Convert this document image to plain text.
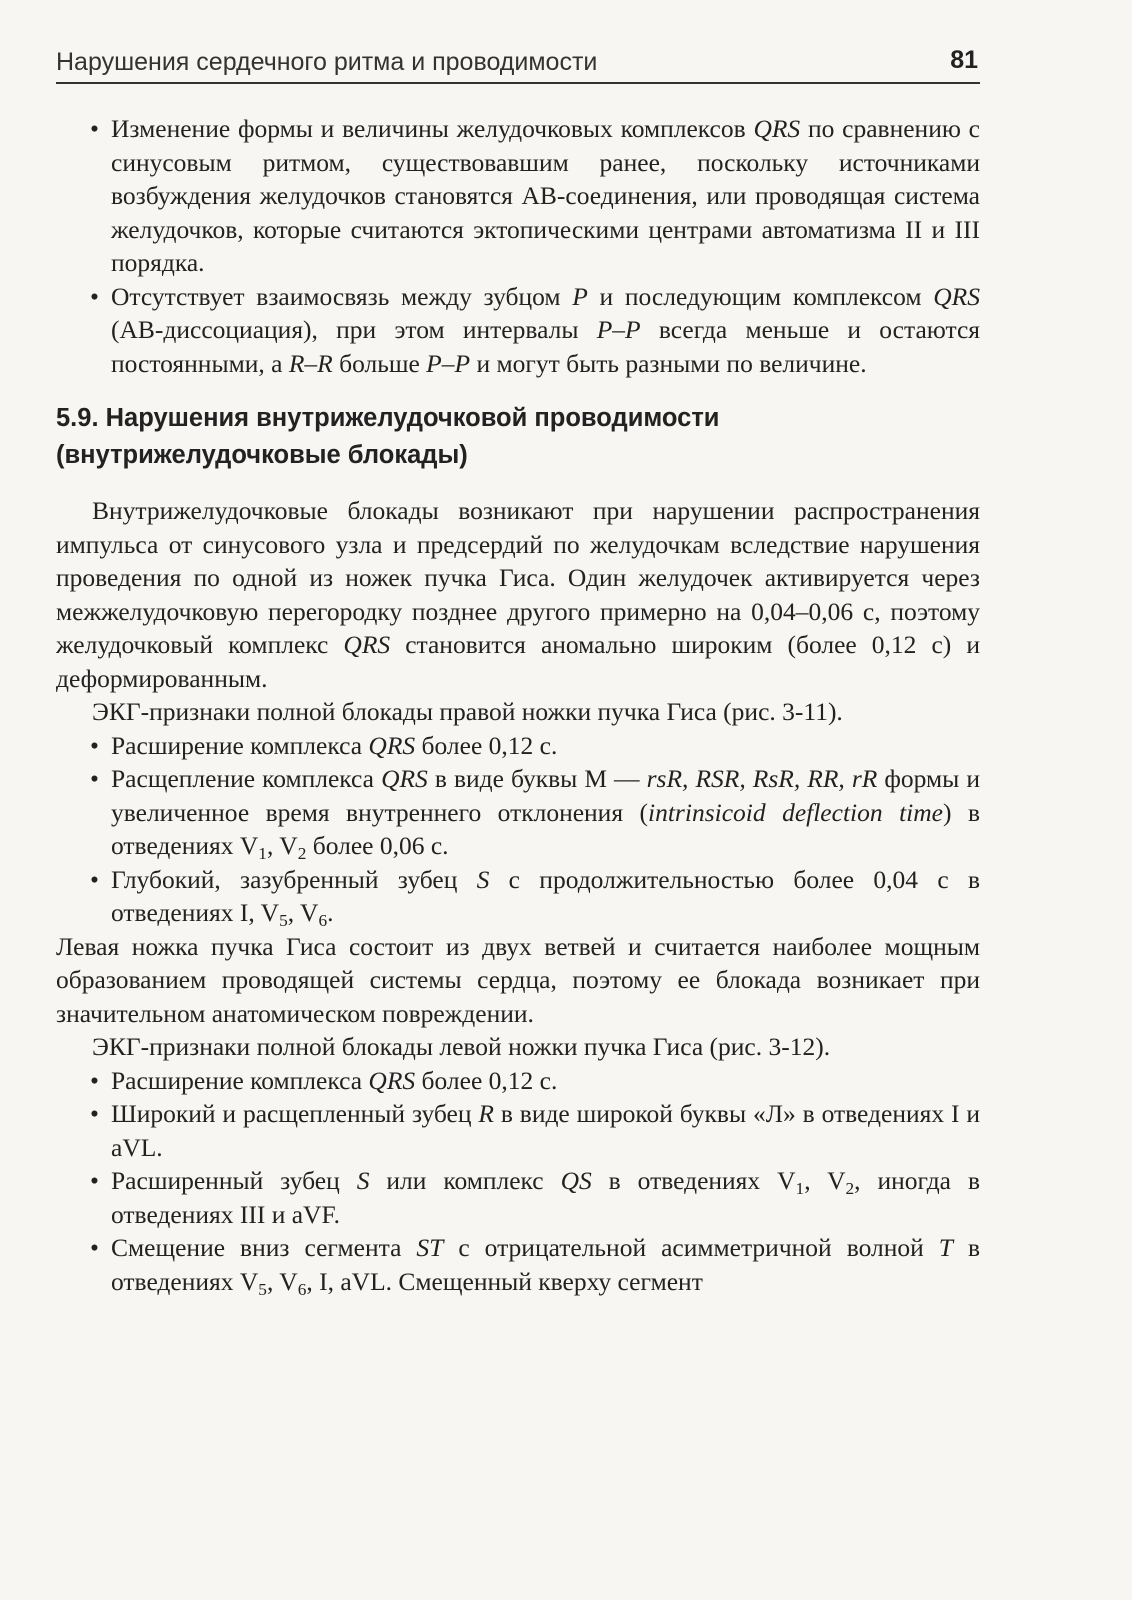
Нарушения сердечного ритма и проводимости	81

• Изменение формы и величины желудочковых комплексов QRS по сравнению с синусовым ритмом, существовавшим ранее, поскольку источниками возбуждения желудочков становятся АВ-соединения, или проводящая система желудочков, которые считаются эктопическими центрами автоматизма II и III порядка.

• Отсутствует взаимосвязь между зубцом P и последующим комплексом QRS (АВ-диссоциация), при этом интервалы P–P всегда меньше и остаются постоянными, а R–R больше P–P и могут быть разными по величине.

5.9. Нарушения внутрижелудочковой проводимости
(внутрижелудочковые блокады)

Внутрижелудочковые блокады возникают при нарушении распространения импульса от синусового узла и предсердий по желудочкам вследствие нарушения проведения по одной из ножек пучка Гиса. Один желудочек активируется через межжелудочковую перегородку позднее другого примерно на 0,04–0,06 с, поэтому желудочковый комплекс QRS становится аномально широким (более 0,12 с) и деформированным.

ЭКГ-признаки полной блокады правой ножки пучка Гиса (рис. 3-11).

• Расширение комплекса QRS более 0,12 с.

• Расщепление комплекса QRS в виде буквы М — rsR, RSR, RsR, RR, rR формы и увеличенное время внутреннего отклонения (intrinsicoid deflection time) в отведениях $V_1$, $V_2$ более 0,06 с.

• Глубокий, зазубренный зубец S с продолжительностью более 0,04 с в отведениях I, $V_5$, $V_6$.

Левая ножка пучка Гиса состоит из двух ветвей и считается наиболее мощным образованием проводящей системы сердца, поэтому ее блокада возникает при значительном анатомическом повреждении.

ЭКГ-признаки полной блокады левой ножки пучка Гиса (рис. 3-12).

• Расширение комплекса QRS более 0,12 с.

• Широкий и расщепленный зубец R в виде широкой буквы «Л» в отведениях I и aVL.

• Расширенный зубец S или комплекс QS в отведениях $V_1$, $V_2$, иногда в отведениях III и aVF.

• Смещение вниз сегмента ST с отрицательной асимметричной волной T в отведениях $V_5$, $V_6$, I, aVL. Смещенный кверху сегмент
